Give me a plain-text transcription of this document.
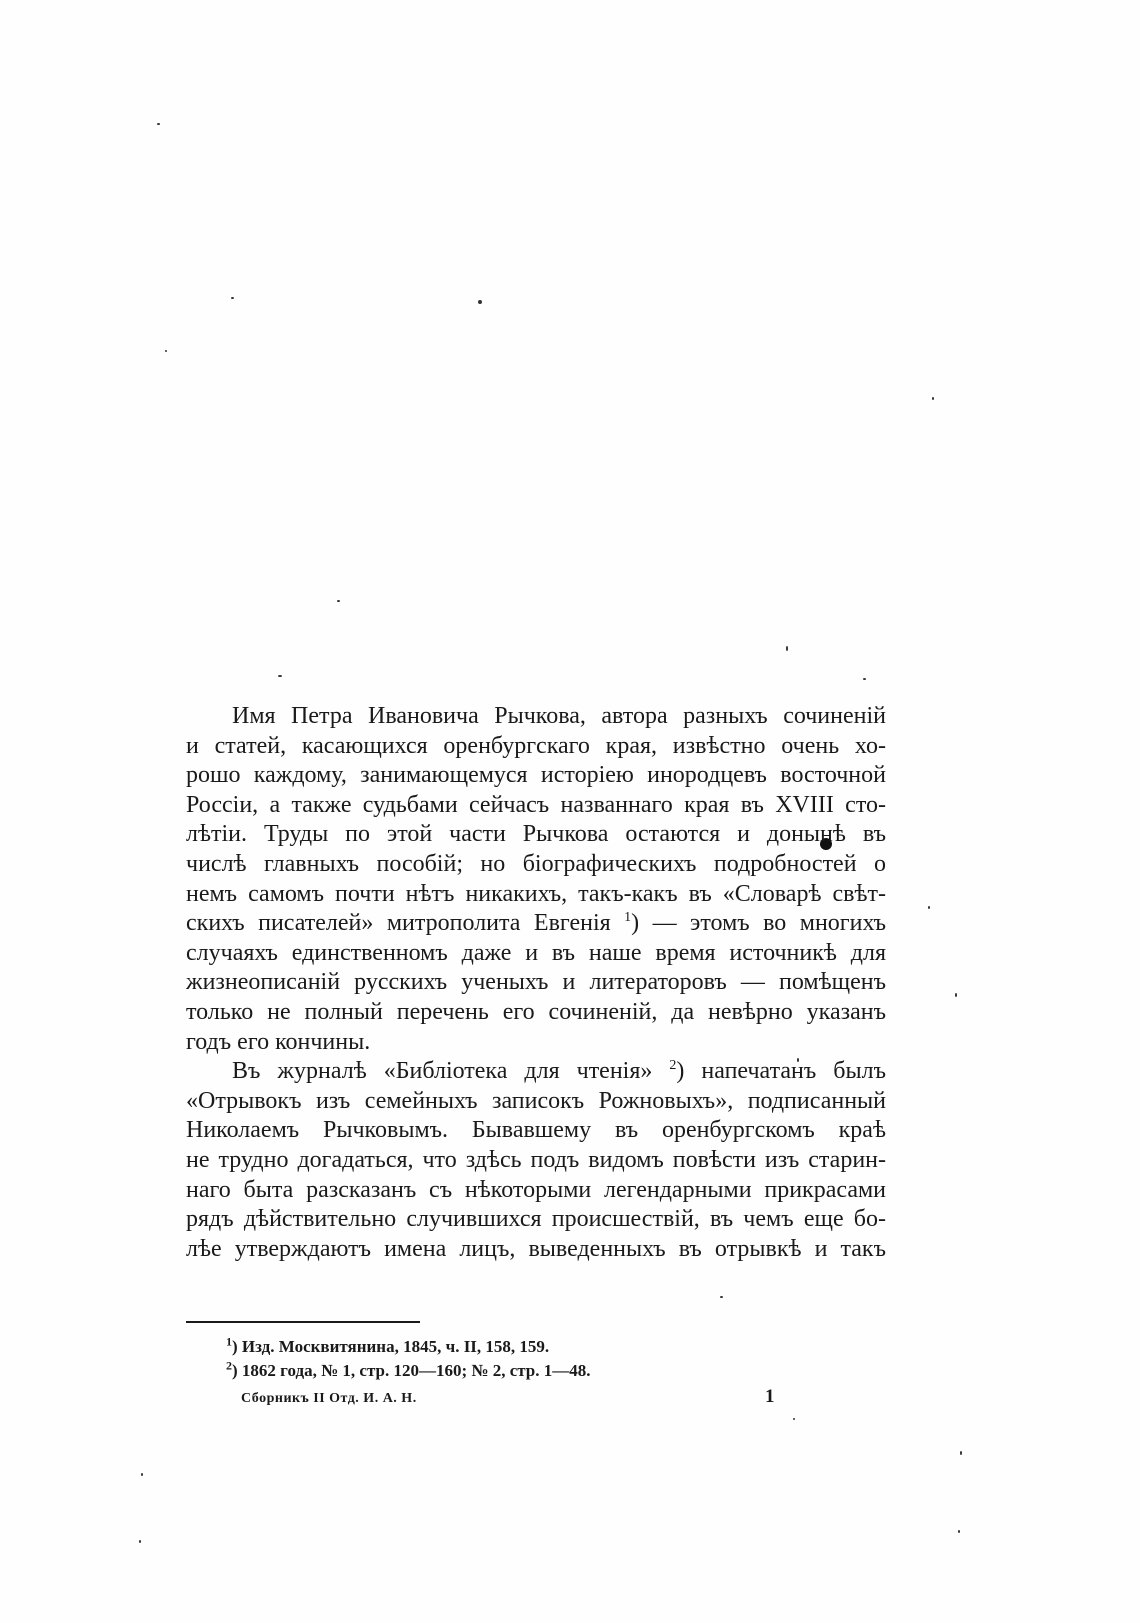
Имя Петра Ивановича Рычкова, автора разныхъ сочиненій
и статей, касающихся оренбургскаго края, извѣстно очень хо-
рошо каждому, занимающемуся исторіею инородцевъ восточной
Россіи, а также судьбами сейчасъ названнаго края въ XVIII сто-
лѣтіи. Труды по этой части Рычкова остаются и донынѣ въ
числѣ главныхъ пособій; но біографическихъ подробностей о
немъ самомъ почти нѣтъ никакихъ, такъ-какъ въ «Словарѣ свѣт-
скихъ писателей» митрополита Евгенія $^1$) — этомъ во многихъ
случаяхъ единственномъ даже и въ наше время источникѣ для
жизнеописаній русскихъ ученыхъ и литераторовъ — помѣщенъ
только не полный перечень его сочиненій, да невѣрно указанъ
годъ его кончины.
Въ журналѣ «Библіотека для чтенія» $^2$) напечатанъ былъ
«Отрывокъ изъ семейныхъ записокъ Рожновыхъ», подписанный
Николаемъ Рычковымъ. Бывавшему въ оренбургскомъ краѣ
не трудно догадаться, что здѣсь подъ видомъ повѣсти изъ старин-
наго быта разсказанъ съ нѣкоторыми легендарными прикрасами
рядъ дѣйствительно случившихся происшествій, въ чемъ еще бо-
лѣе утверждаютъ имена лицъ, выведенныхъ въ отрывкѣ и такъ
$^1$) Изд. Москвитянина, 1845, ч. II, 158, 159.
$^2$) 1862 года, № 1, стр. 120—160; № 2, стр. 1—48.
Сборникъ II Отд. И. А. Н.	1
